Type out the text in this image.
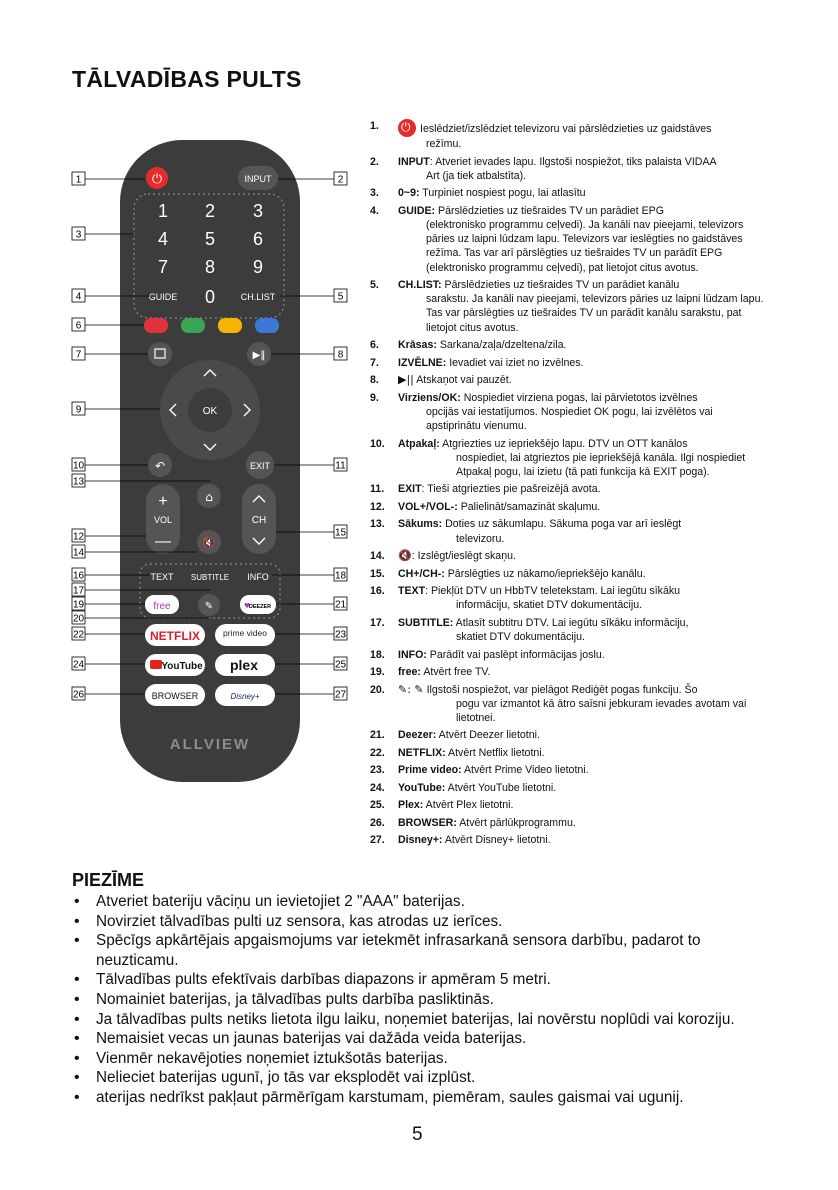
TĀLVADĪBAS PULTS
⏻	INPUT
1 2 3
4 5 6
7 8 9
0
GUIDE	CH.LIST
▶‖
OK
↶	EXIT
+
VOL
—
⌂
🔇
CH
TEXT SUBTITLE INFO
free	✎	DEEZER
♥
NETFLIX	prime video
YouTube plex
BROWSER	Disney+
ALLVIEW
1
3
4
6
7
9
10
13
12
14
16
17
19
20
22
24
26
2
5
8
11
15
18
21
23
25
27
1.
⏻	Ieslēdziet/izslēdziet televizoru vai pārslēdzieties uz gaidstāves
režīmu.
2. INPUT: Atveriet ievades lapu. Ilgstoši nospiežot, tiks palaista VIDAA
Art (ja tiek atbalstīta).
3. 0~9: Turpiniet nospiest pogu, lai atlasītu
4. GUIDE: Pārslēdzieties uz tiešraides TV un parādiet EPG
(elektronisko programmu ceļvedi). Ja kanāli nav pieejami, televizors pāries uz laipni lūdzam lapu. Televizors var ieslēgties no gaidstāves režīma. Tas var arī pārslēgties uz tiešraides TV un parādīt EPG (elektronisko programmu ceļvedi), pat lietojot citus avotus.
5. CH.LIST: Pārslēdzieties uz tiešraides TV un parādiet kanālu
sarakstu. Ja kanāli nav pieejami, televizors pāries uz laipni lūdzam lapu. Tas var pārslēgties uz tiešraides TV un parādīt kanālu sarakstu, pat lietojot citus avotus.
6. Krāsas: Sarkana/zaļa/dzeltena/zila.
7. IZVĒLNE: Ievadiet vai iziet no izvēlnes.
8. ▶|| Atskaņot vai pauzēt.
9. Virziens/OK: Nospiediet virziena pogas, lai pārvietotos izvēlnes
opcijās vai iestatījumos. Nospiediet OK pogu, lai izvēlētos vai apstiprinātu vienumu.
10. Atpakaļ: Atgriezties uz iepriekšējo lapu. DTV un OTT kanālos
nospiediet, lai atgrieztos pie iepriekšējā kanāla. Ilgi nospiediet Atpakaļ pogu, lai izietu (tā pati funkcija kā EXIT poga).
11. EXIT: Tieši atgriezties pie pašreizējā avota.
12. VOL+/VOL-: Palielināt/samazināt skaļumu.
13. Sākums: Doties uz sākumlapu. Sākuma poga var arī ieslēgt
televizoru.
14. 🔇: Izslēgt/ieslēgt skaņu.
15. CH+/CH-: Pārslēgties uz nākamo/iepriekšējo kanālu.
16. TEXT: Piekļūt DTV un HbbTV teletekstam. Lai iegūtu sīkāku
informāciju, skatiet DTV dokumentāciju.
17. SUBTITLE: Atlasīt subtitru DTV. Lai iegūtu sīkāku informāciju,
skatiet DTV dokumentāciju.
18. INFO: Parādīt vai paslēpt informācijas joslu.
19. free: Atvērt free TV.
20. ✎: ✎ Ilgstoši nospiežot, var pielāgot Rediģēt pogas funkciju. Šo
pogu var izmantot kā ātro saīsni jebkuram ievades avotam vai lietotnei.
21. Deezer: Atvērt Deezer lietotni.
22. NETFLIX: Atvērt Netflix lietotni.
23. Prime video: Atvērt Prime Video lietotni.
24. YouTube: Atvērt YouTube lietotni.
25. Plex: Atvērt Plex lietotni.
26. BROWSER: Atvērt pārlūkprogrammu.
27. Disney+: Atvērt Disney+ lietotni.
PIEZĪME
• Atveriet bateriju vāciņu un ievietojiet 2 "AAA" baterijas.
• Novirziet tālvadības pulti uz sensora, kas atrodas uz ierīces.
• Spēcīgs apkārtējais apgaismojums var ietekmēt infrasarkanā sensora darbību, padarot to neuzticamu.
• Tālvadības pults efektīvais darbības diapazons ir apmēram 5 metri.
• Nomainiet baterijas, ja tālvadības pults darbība pasliktinās.
• Ja tālvadības pults netiks lietota ilgu laiku, noņemiet baterijas, lai novērstu noplūdi vai koroziju.
• Nemaisiet vecas un jaunas baterijas vai dažāda veida baterijas.
• Vienmēr nekavējoties noņemiet iztukšotās baterijas.
• Nelieciet baterijas ugunī, jo tās var eksplodēt vai izplūst.
• aterijas nedrīkst pakļaut pārmērīgam karstumam, piemēram, saules gaismai vai ugunij.
5
